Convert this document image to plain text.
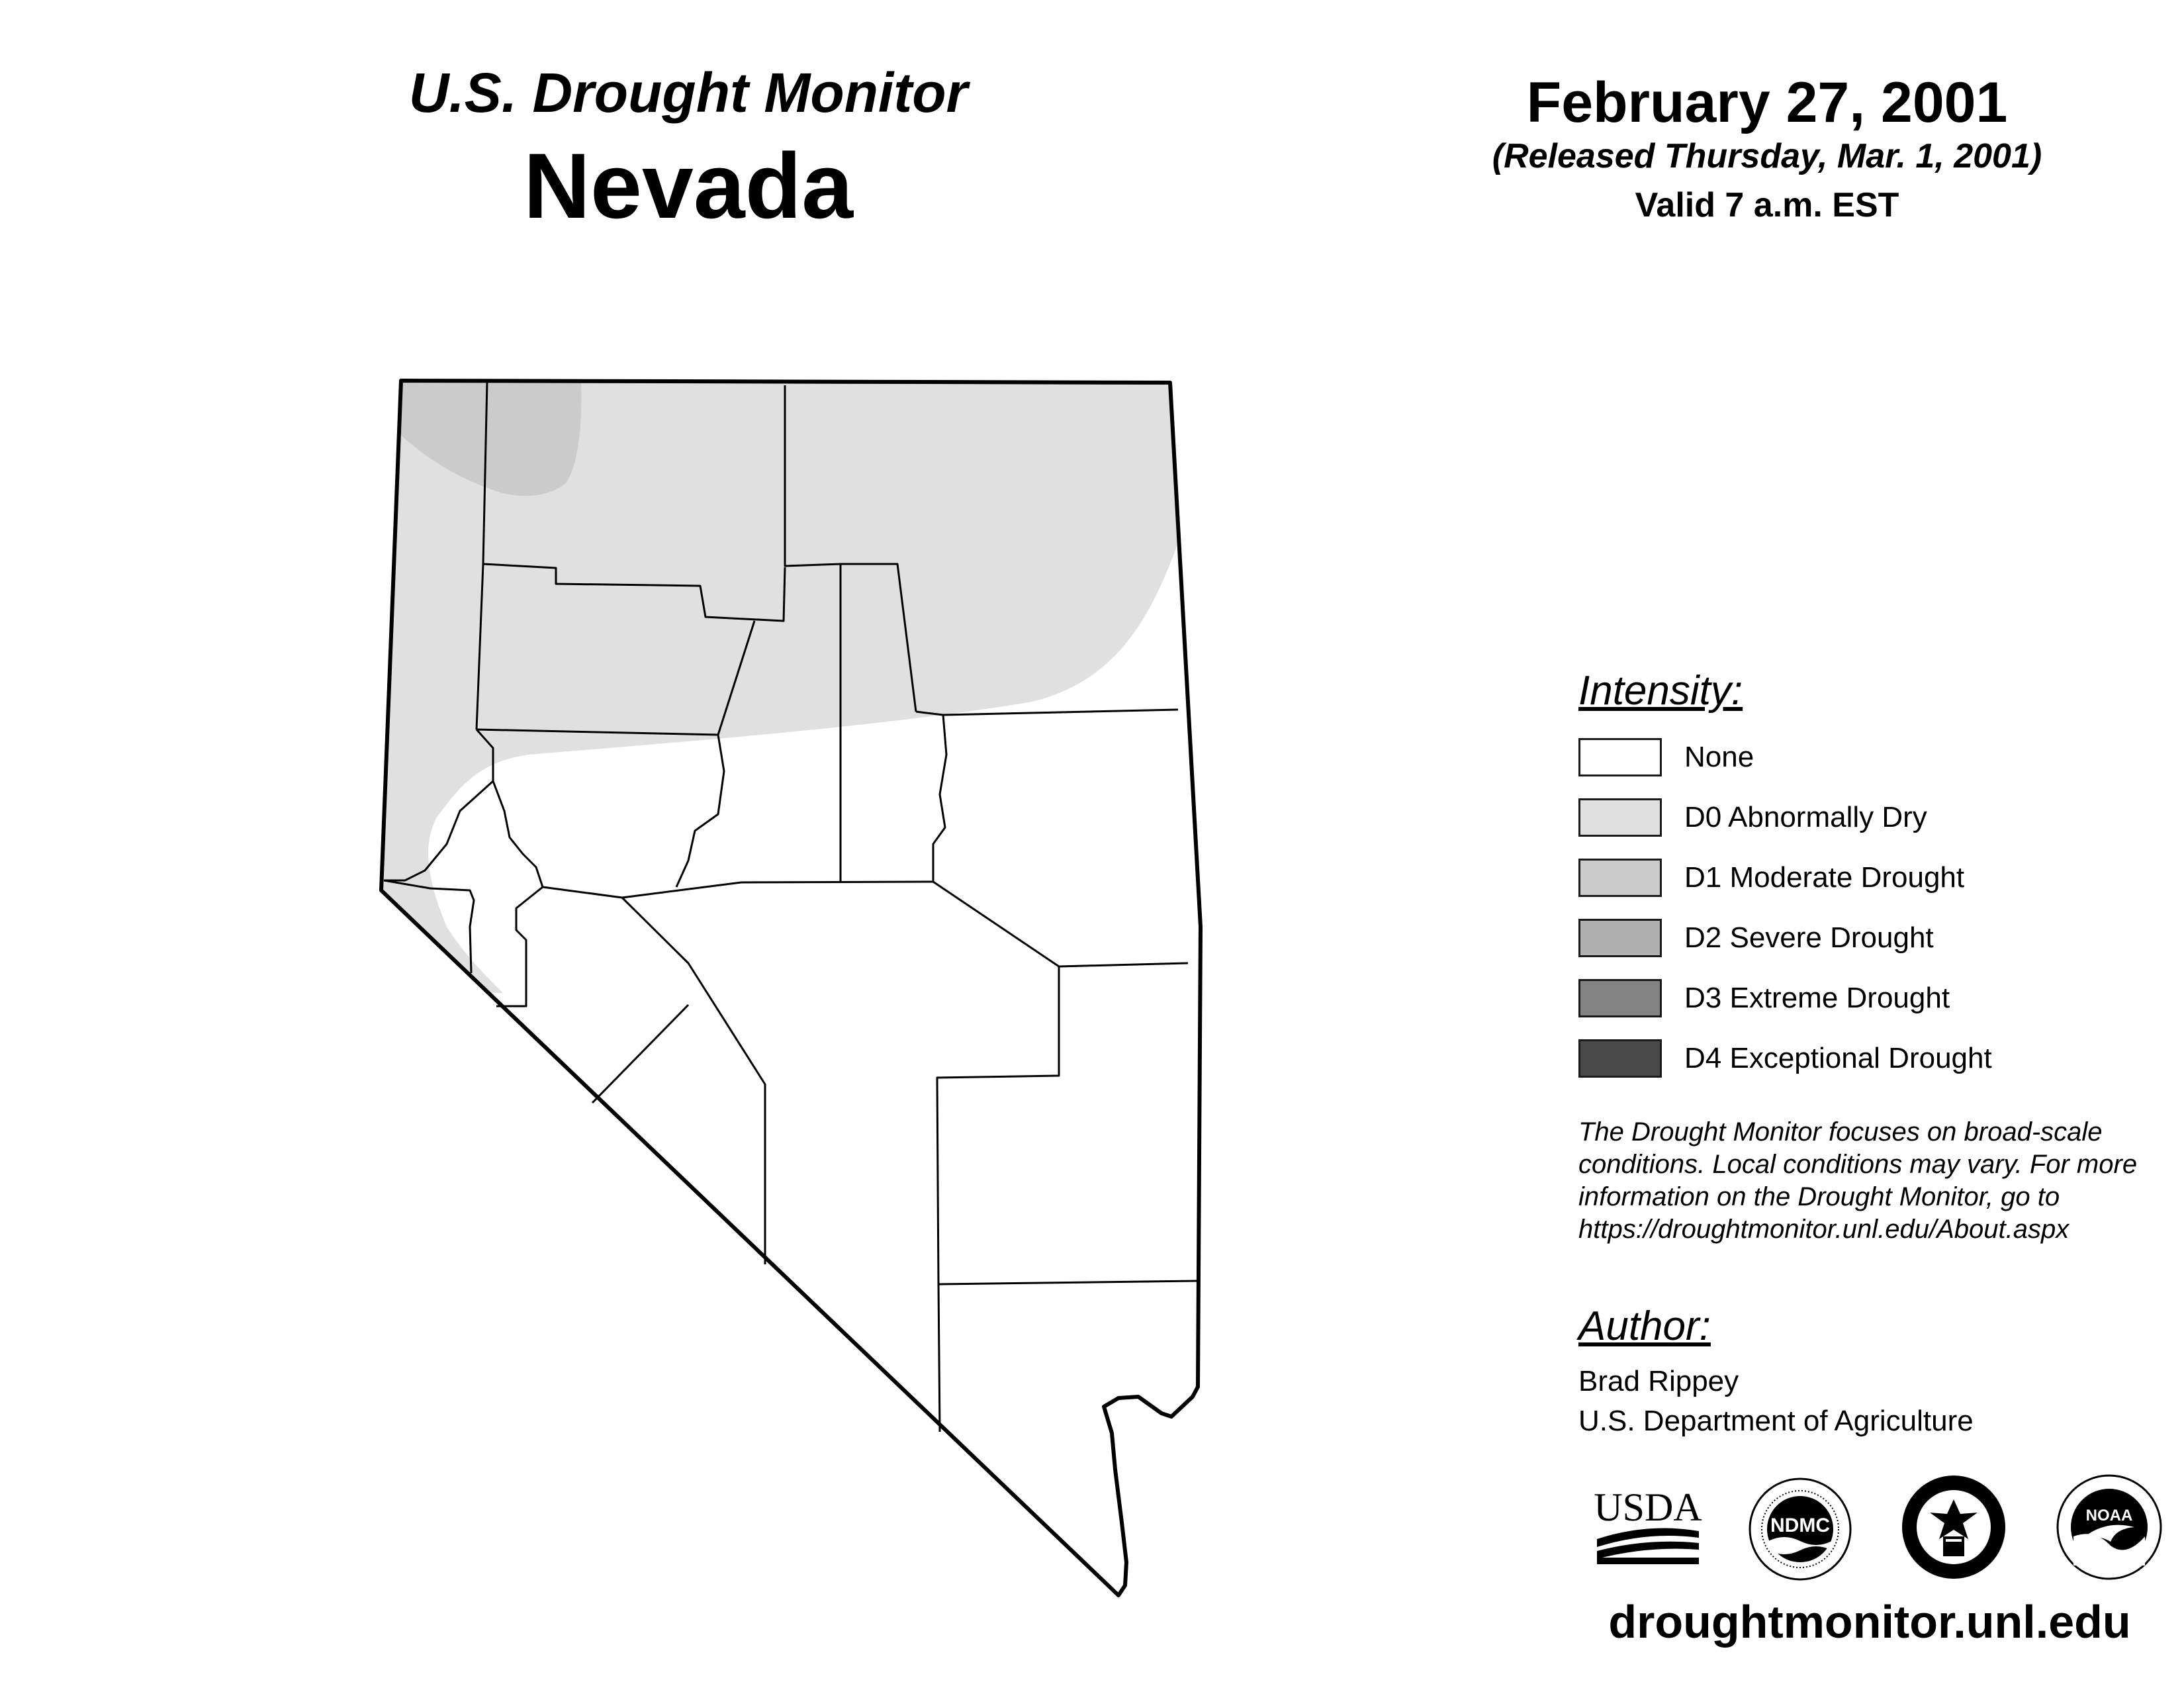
U.S. Drought Monitor
Nevada
February 27, 2001
(Released Thursday, Mar. 1, 2001)
Valid 7 a.m. EST
Intensity:
None
D0 Abnormally Dry
D1 Moderate Drought
D2 Severe Drought
D3 Extreme Drought
D4 Exceptional Drought
The Drought Monitor focuses on broad-scale
conditions. Local conditions may vary. For more
information on the Drought Monitor, go to
https://droughtmonitor.unl.edu/About.aspx
Author:
Brad Rippey
U.S. Department of Agriculture
USDA	NDMC	NOAA
droughtmonitor.unl.edu
